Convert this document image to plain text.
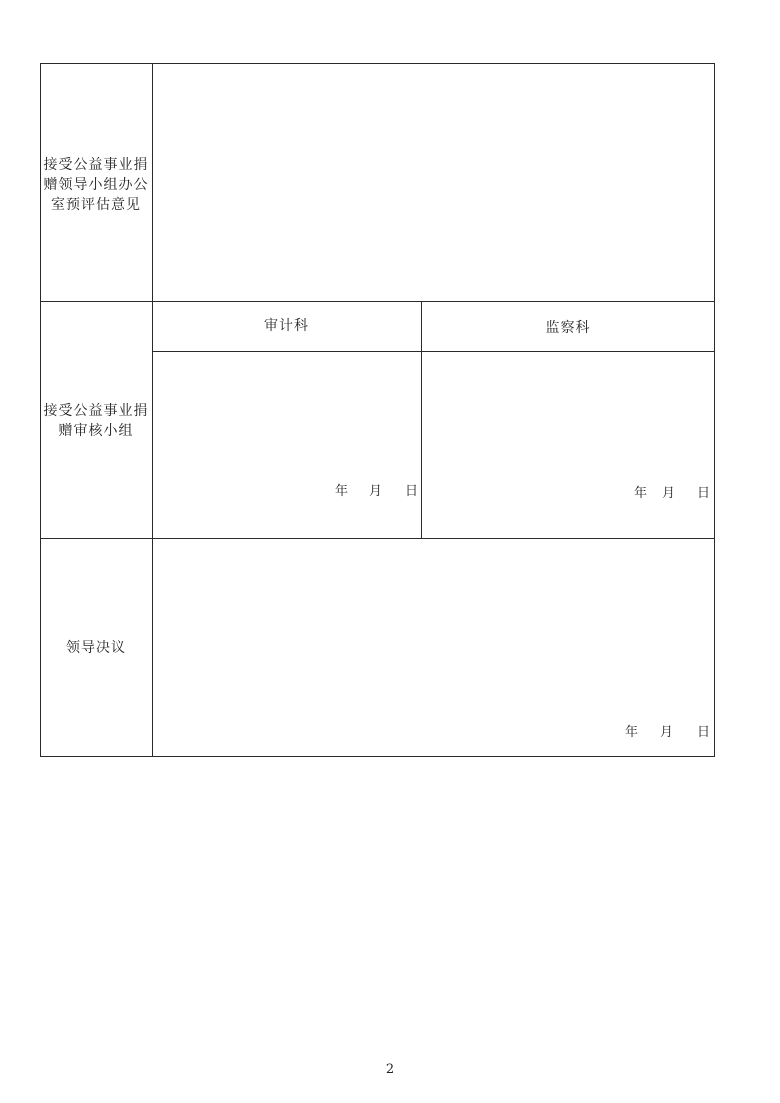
接受公益事业捐
赠领导小组办公
室预评估意见
接受公益事业捐
赠审核小组
审计科	监察科
年 月 日	年 月 日
领导决议
年 月 日
2
